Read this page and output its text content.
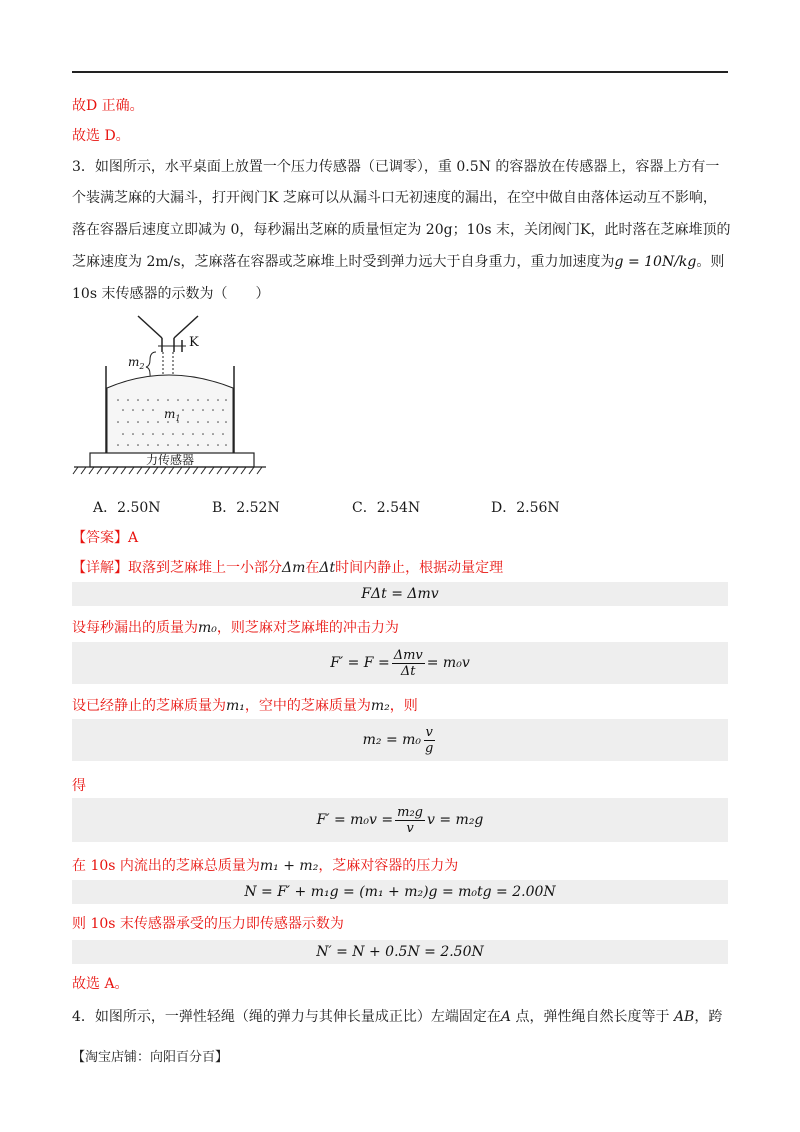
故D 正确。
故选 D。
3．如图所示，水平桌面上放置一个压力传感器（已调零），重 0.5N 的容器放在传感器上，容器上方有一
个装满芝麻的大漏斗，打开阀门K 芝麻可以从漏斗口无初速度的漏出，在空中做自由落体运动互不影响，
落在容器后速度立即减为 0，每秒漏出芝麻的质量恒定为 20g；10s 末，关闭阀门K，此时落在芝麻堆顶的
芝麻速度为 2m/s，芝麻落在容器或芝麻堆上时受到弹力远大于自身重力，重力加速度为g = 10N/kg。则
10s 末传感器的示数为（　　）
K
$m_2$
$m_1$
力传感器
A．2.50N	B．2.52N	C．2.54N	D．2.56N
【答案】A
【详解】取落到芝麻堆上一小部分Δm在Δt时间内静止，根据动量定理
FΔt = Δmv
设每秒漏出的质量为m₀，则芝麻对芝麻堆的冲击力为
$F' = F = \frac{\text{Δmv}}{\Delta t} = m_0v$
设已经静止的芝麻质量为m₁，空中的芝麻质量为m₂，则
$m_2 = m_0 \frac{v}{g}$
得
$F' = m_0v = \frac{\text{m₂g}}{v}$ v = m₂g
在 10s 内流出的芝麻总质量为m₁ + m₂，芝麻对容器的压力为
N = F′ + m₁g = (m₁ + m₂)g = m₀tg = 2.00N
则 10s 末传感器承受的压力即传感器示数为
N′ = N + 0.5N = 2.50N
故选 A。
4．如图所示，一弹性轻绳（绳的弹力与其伸长量成正比）左端固定在A 点，弹性绳自然长度等于 AB，跨
【淘宝店铺：向阳百分百】
